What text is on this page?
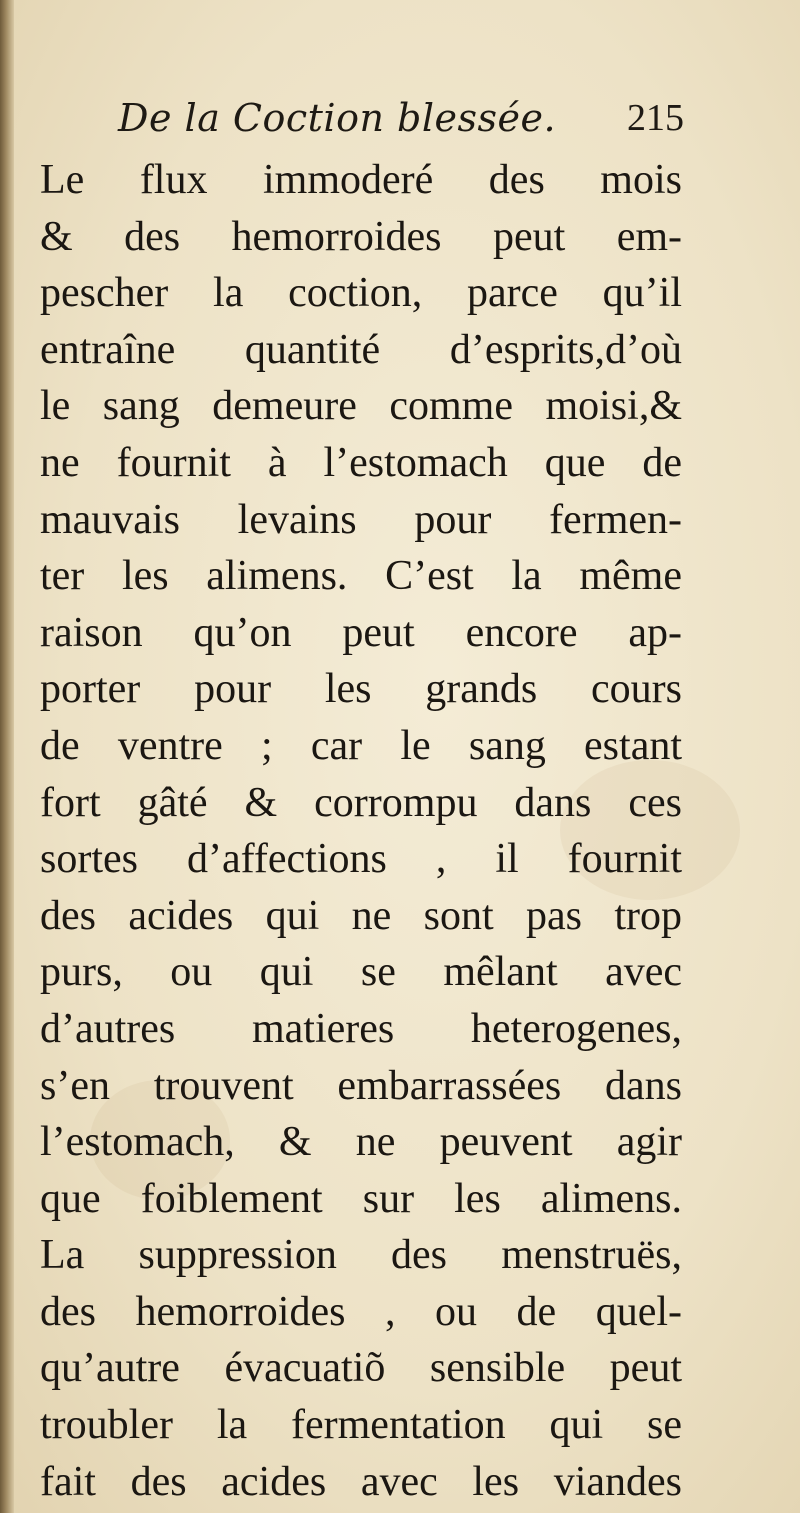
De la Coction blessée. 215
Le flux immoderé des mois
& des hemorroides peut em-
pescher la coction, parce qu’il
entraîne quantité d’esprits,d’où
le sang demeure comme moisi,&
ne fournit à l’estomach que de
mauvais levains pour fermen-
ter les alimens. C’est la même
raison qu’on peut encore ap-
porter pour les grands cours
de ventre ; car le sang estant
fort gâté & corrompu dans ces
sortes d’affections , il fournit
des acides qui ne sont pas trop
purs, ou qui se mêlant avec
d’autres matieres heterogenes,
s’en trouvent embarrassées dans
l’estomach, & ne peuvent agir
que foiblement sur les alimens.
La suppression des menstruës,
des hemorroides , ou de quel-
qu’autre évacuatiõ sensible peut
troubler la fermentation qui se
fait des acides avec les viandes
